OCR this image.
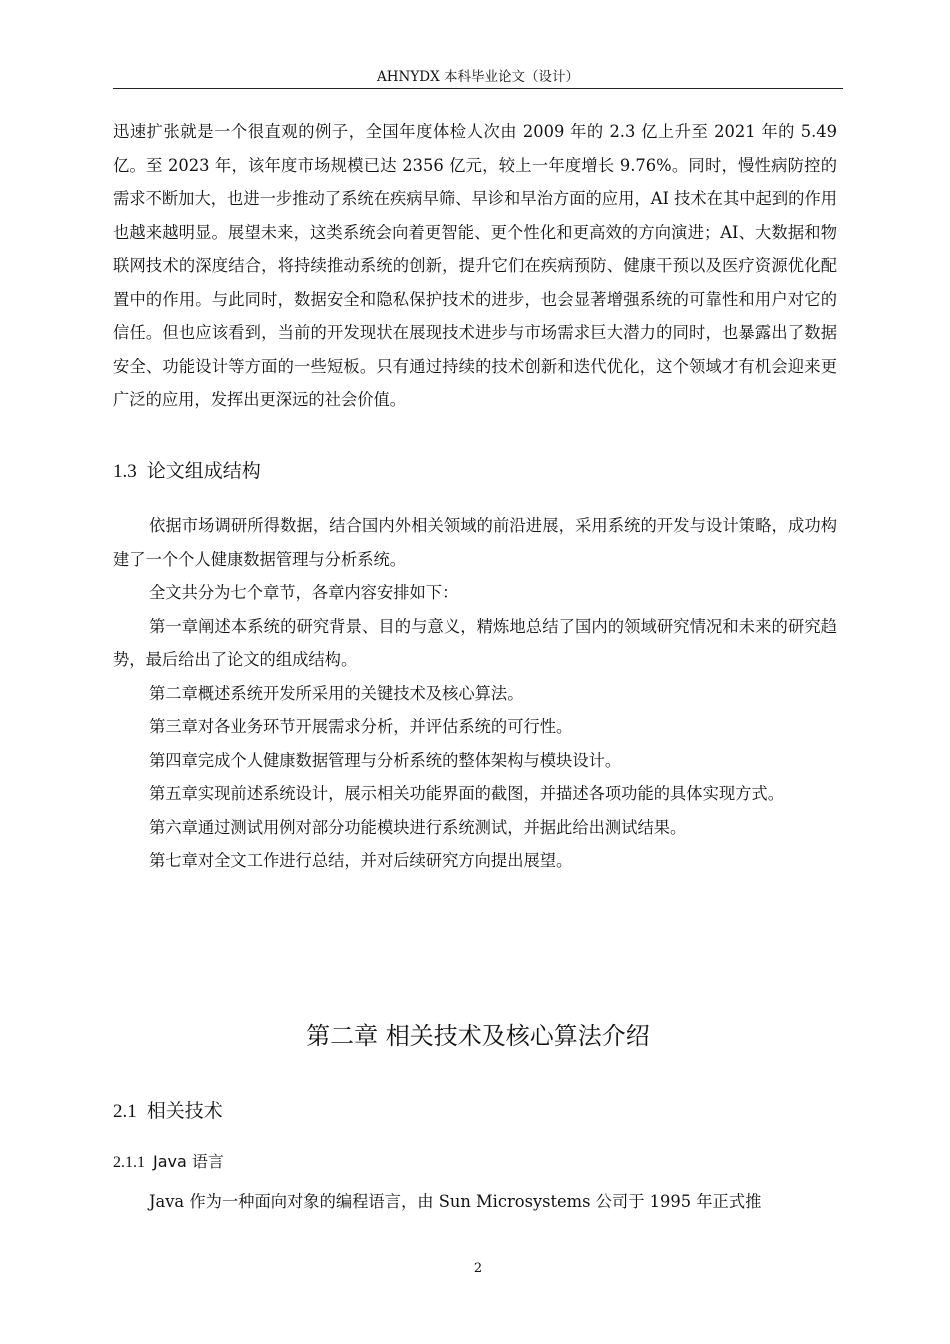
AHNYDX 本科毕业论文（设计）

迅速扩张就是一个很直观的例子，全国年度体检人次由 2009 年的 2.3 亿上升至 2021 年的 5.49 亿。至 2023 年，该年度市场规模已达 2356 亿元，较上一年度增长 9.76%。同时，慢性病防控的需求不断加大，也进一步推动了系统在疾病早筛、早诊和早治方面的应用，AI 技术在其中起到的作用也越来越明显。展望未来，这类系统会向着更智能、更个性化和更高效的方向演进；AI、大数据和物联网技术的深度结合，将持续推动系统的创新，提升它们在疾病预防、健康干预以及医疗资源优化配置中的作用。与此同时，数据安全和隐私保护技术的进步，也会显著增强系统的可靠性和用户对它的信任。但也应该看到，当前的开发现状在展现技术进步与市场需求巨大潜力的同时，也暴露出了数据安全、功能设计等方面的一些短板。只有通过持续的技术创新和迭代优化，这个领域才有机会迎来更广泛的应用，发挥出更深远的社会价值。

1.3 论文组成结构

依据市场调研所得数据，结合国内外相关领域的前沿进展，采用系统的开发与设计策略，成功构建了一个个人健康数据管理与分析系统。

全文共分为七个章节，各章内容安排如下：

第一章阐述本系统的研究背景、目的与意义，精炼地总结了国内的领域研究情况和未来的研究趋势，最后给出了论文的组成结构。

第二章概述系统开发所采用的关键技术及核心算法。

第三章对各业务环节开展需求分析，并评估系统的可行性。

第四章完成个人健康数据管理与分析系统的整体架构与模块设计。

第五章实现前述系统设计，展示相关功能界面的截图，并描述各项功能的具体实现方式。

第六章通过测试用例对部分功能模块进行系统测试，并据此给出测试结果。

第七章对全文工作进行总结，并对后续研究方向提出展望。

第二章 相关技术及核心算法介绍
2.1 相关技术
2.1.1 Java 语言

Java 作为一种面向对象的编程语言，由 Sun Microsystems 公司于 1995 年正式推

2
